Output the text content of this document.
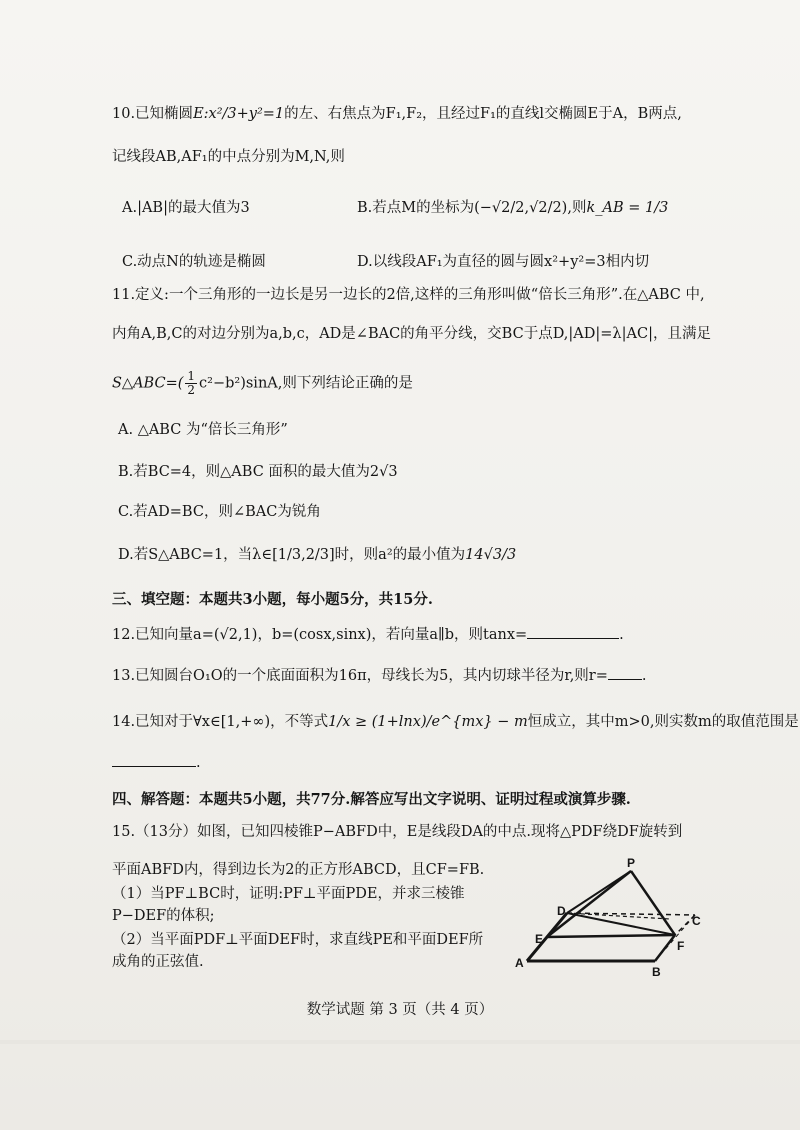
10.已知椭圆E:x²/3+y²=1的左、右焦点为F₁,F₂，且经过F₁的直线l交椭圆E于A，B两点,
记线段AB,AF₁的中点分别为M,N,则
A.|AB|的最大值为3	B.若点M的坐标为(−√2/2,√2/2),则k_AB = 1/3
C.动点N的轨迹是椭圆	D.以线段AF₁为直径的圆与圆x²+y²=3相内切
11.定义:一个三角形的一边长是另一边长的2倍,这样的三角形叫做“倍长三角形”.在△ABC 中,
内角A,B,C的对边分别为a,b,c，AD是∠BAC的角平分线，交BC于点D,|AD|=λ|AC|，且满足
S△ABC=( $\frac{1}{2} c^2-b^2)\sin A$,则下列结论正确的是
A. △ABC 为“倍长三角形”
B.若BC=4，则△ABC 面积的最大值为2√3
C.若AD=BC，则∠BAC为锐角
D.若S△ABC=1，当λ∈[1/3,2/3]时，则a²的最小值为14√3/3
三、填空题：本题共3小题，每小题5分，共15分.
12.已知向量a=(√2,1)，b=(cosx,sinx)，若向量a∥b，则tanx=	.
13.已知圆台O₁O的一个底面面积为16π，母线长为5，其内切球半径为r,则r= .
14.已知对于∀x∈[1,+∞)，不等式1/x ≥ (1+lnx)/e^{mx} − m恒成立，其中m>0,则实数m的取值范围是
.
四、解答题：本题共5小题，共77分.解答应写出文字说明、证明过程或演算步骤.
15.（13分）如图，已知四棱锥P−ABFD中，E是线段DA的中点.现将△PDF绕DF旋转到
平面ABFD内，得到边长为2的正方形ABCD，且CF=FB.
（1）当PF⊥BC时，证明:PF⊥平面PDE，并求三棱锥
P−DEF的体积;
（2）当平面PDF⊥平面DEF时，求直线PE和平面DEF所
成角的正弦值.
P
D
C
E	F
A
B
数学试题 第 3 页（共 4 页）
